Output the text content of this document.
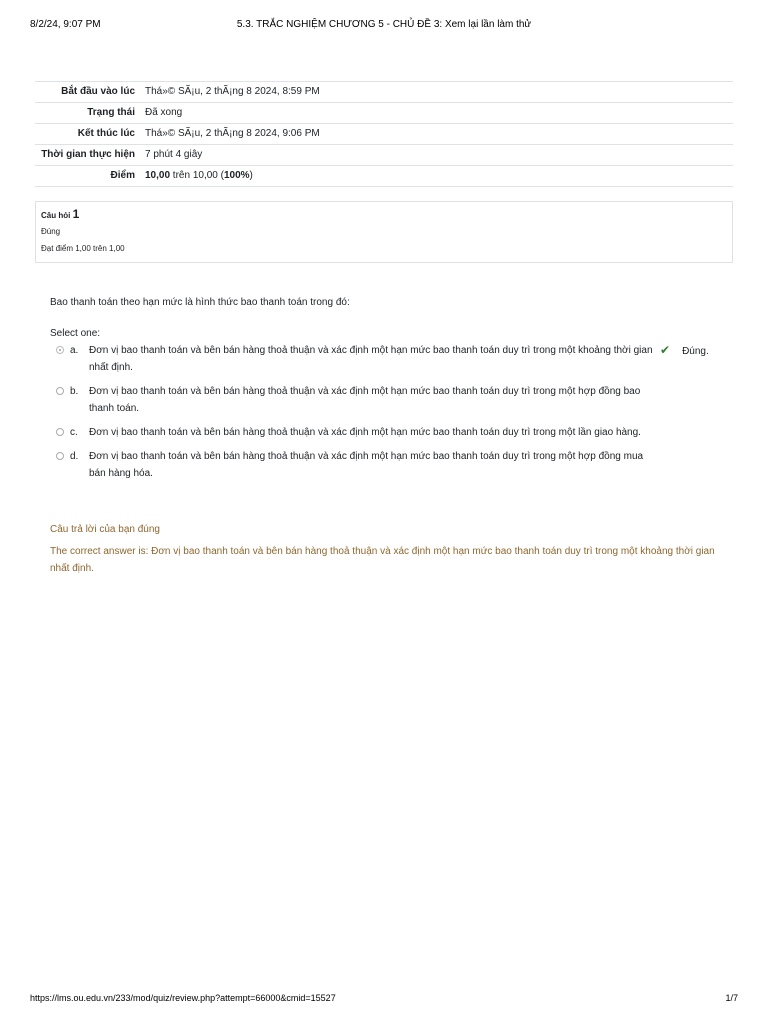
8/2/24, 9:07 PM	5.3. TRẮC NGHIỆM CHƯƠNG 5 - CHỦ ĐỀ 3: Xem lại lần làm thử
Bắt đầu vào lúc	Thá»© SÃ¡u, 2 thÃ¡ng 8 2024, 8:59 PM
Trạng thái	Đã xong
Kết thúc lúc	Thá»© SÃ¡u, 2 thÃ¡ng 8 2024, 9:06 PM
Thời gian thực hiện	7 phút 4 giây
Điểm	10,00 trên 10,00 (100%)
Câu hỏi 1
Đúng
Đạt điểm 1,00 trên 1,00

Bao thanh toán theo hạn mức là hình thức bao thanh toán trong đó:

Select one:
a. Đơn vị bao thanh toán và bên bán hàng thoả thuận và xác định một hạn mức bao thanh toán duy trì trong một khoảng thời gian nhất định.
✔ Đúng.
b. Đơn vị bao thanh toán và bên bán hàng thoả thuận và xác định một hạn mức bao thanh toán duy trì trong một hợp đồng bao thanh toán.
c. Đơn vị bao thanh toán và bên bán hàng thoả thuận và xác định một hạn mức bao thanh toán duy trì trong một lần giao hàng.
d. Đơn vị bao thanh toán và bên bán hàng thoả thuận và xác định một hạn mức bao thanh toán duy trì trong một hợp đồng mua bán hàng hóa.
Câu trả lời của bạn đúng
The correct answer is: Đơn vị bao thanh toán và bên bán hàng thoả thuận và xác định một hạn mức bao thanh toán duy trì trong một khoảng thời gian nhất định.
https://lms.ou.edu.vn/233/mod/quiz/review.php?attempt=66000&cmid=15527	1/7
